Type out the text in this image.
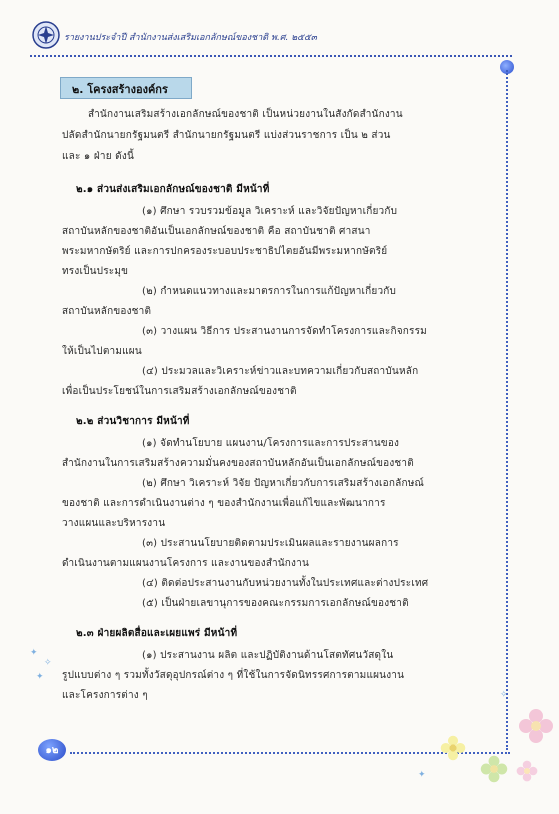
รายงานประจำปี สำนักงานส่งเสริมเอกลักษณ์ของชาติ พ.ศ. ๒๕๕๓
๒. โครงสร้างองค์กร
สำนักงานเสริมสร้างเอกลักษณ์ของชาติ เป็นหน่วยงานในสังกัดสำนักงาน
ปลัดสำนักนายกรัฐมนตรี สำนักนายกรัฐมนตรี แบ่งส่วนราชการ เป็น ๒ ส่วน
และ ๑ ฝ่าย ดังนี้
๒.๑ ส่วนส่งเสริมเอกลักษณ์ของชาติ มีหน้าที่
(๑) ศึกษา รวบรวมข้อมูล วิเคราะห์ และวิจัยปัญหาเกี่ยวกับ
สถาบันหลักของชาติอันเป็นเอกลักษณ์ของชาติ คือ สถาบันชาติ ศาสนา
พระมหากษัตริย์ และการปกครองระบอบประชาธิปไตยอันมีพระมหากษัตริย์
ทรงเป็นประมุข
(๒) กำหนดแนวทางและมาตรการในการแก้ปัญหาเกี่ยวกับ
สถาบันหลักของชาติ
(๓) วางแผน วิธีการ ประสานงานการจัดทำโครงการและกิจกรรม
ให้เป็นไปตามแผน
(๔) ประมวลและวิเคราะห์ข่าวและบทความเกี่ยวกับสถาบันหลัก
เพื่อเป็นประโยชน์ในการเสริมสร้างเอกลักษณ์ของชาติ
๒.๒ ส่วนวิชาการ มีหน้าที่
(๑) จัดทำนโยบาย แผนงาน/โครงการและการประสานของ
สำนักงานในการเสริมสร้างความมั่นคงของสถาบันหลักอันเป็นเอกลักษณ์ของชาติ
(๒) ศึกษา วิเคราะห์ วิจัย ปัญหาเกี่ยวกับการเสริมสร้างเอกลักษณ์
ของชาติ และการดำเนินงานต่าง ๆ ของสำนักงานเพื่อแก้ไขและพัฒนาการ
วางแผนและบริหารงาน
(๓) ประสานนโยบายติดตามประเมินผลและรายงานผลการ
ดำเนินงานตามแผนงานโครงการ และงานของสำนักงาน
(๔) ติดต่อประสานงานกับหน่วยงานทั้งในประเทศและต่างประเทศ
(๕) เป็นฝ่ายเลขานุการของคณะกรรมการเอกลักษณ์ของชาติ
๒.๓ ฝ่ายผลิตสื่อและเผยแพร่ มีหน้าที่
(๑) ประสานงาน ผลิต และปฏิบัติงานด้านโสตทัศนวัสดุใน
รูปแบบต่าง ๆ รวมทั้งวัสดุอุปกรณ์ต่าง ๆ ที่ใช้ในการจัดนิทรรศการตามแผนงาน
และโครงการต่าง ๆ
✦
✧
✦
✧
✦
๑๒
